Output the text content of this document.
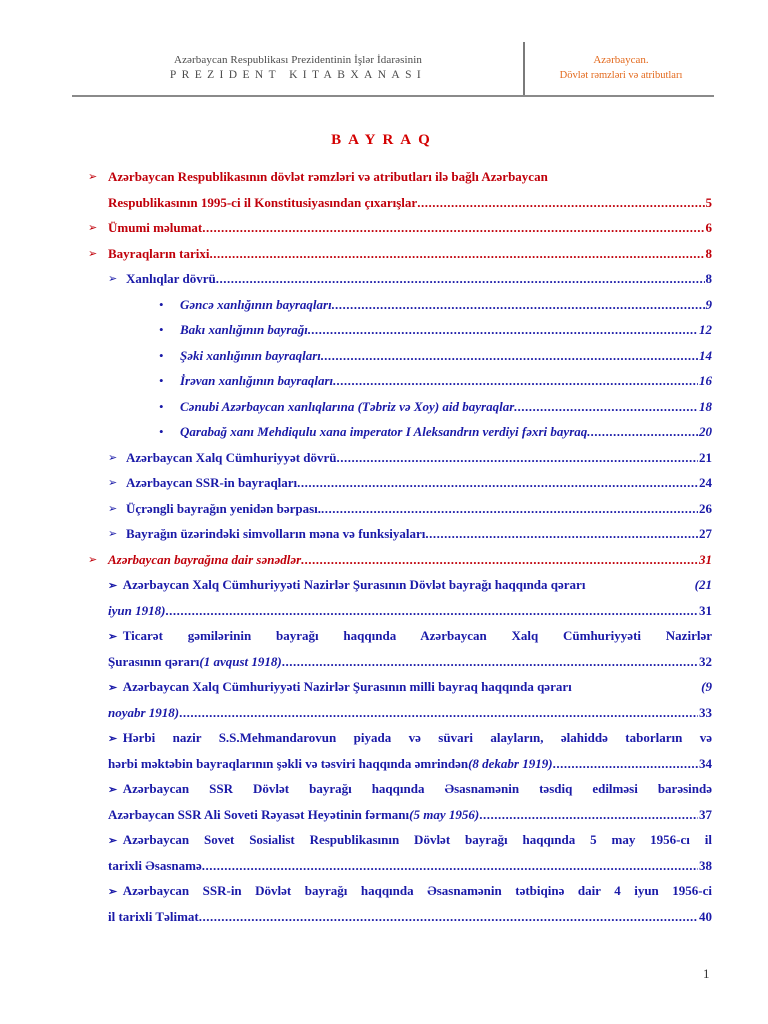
Azərbaycan Respublikası Prezidentinin İşlər İdarəsinin
PREZIDENT KITABXANASI
Azərbaycan.
Dövlət rəmzləri və atributları
BAYRAQ
➢ Azərbaycan Respublikasının dövlət rəmzləri və atributları ilə bağlı Azərbaycan
Respublikasının 1995-ci il Konstitusiyasından çıxarışlar .....	5
➢ Ümumi məlumat .....	6
➢ Bayraqların tarixi .....	8
➢ Xanlıqlar dövrü .....	8
• Gəncə xanlığının bayraqları .....	9
• Bakı xanlığının bayrağı .....	12
• Şəki xanlığının bayraqları .....	14
• İrəvan xanlığının bayraqları .....	16
• Cənubi Azərbaycan xanlıqlarına (Təbriz və Xoy) aid bayraqlar .....	18
• Qarabağ xanı Mehdiqulu xana imperator I Aleksandrın verdiyi fəxri bayraq .....	20
➢ Azərbaycan Xalq Cümhuriyyət dövrü .....	21
➢ Azərbaycan SSR-in bayraqları .....	24
➢ Üçrəngli bayrağın yenidən bərpası. .....	26
➢ Bayrağın üzərindəki simvolların məna və funksiyaları .....	27
➢ Azərbaycan bayrağına dair sənədlər .....	31
➢ Azərbaycan Xalq Cümhuriyyəti Nazirlər Şurasının Dövlət bayrağı haqqında qərarı	(21
iyun 1918) .....	31
➢ Ticarət gəmilərinin bayrağı haqqında Azərbaycan Xalq Cümhuriyyəti Nazirlər
Şurasının qərarı (1 avqust 1918) .....	32
➢ Azərbaycan Xalq Cümhuriyyəti Nazirlər Şurasının milli bayraq haqqında qərarı	(9
noyabr 1918) .....	33
➢ Hərbi nazir S.S.Mehmandarovun piyada və süvari alayların, əlahiddə taborların və
hərbi məktəbin bayraqlarının şəkli və təsviri haqqında əmrindən (8 dekabr 1919) .....	34
➢ Azərbaycan SSR Dövlət bayrağı haqqında Əsasnamənin təsdiq edilməsi barəsində
Azərbaycan SSR Ali Soveti Rəyasət Heyətinin fərmanı (5 may 1956) .....	37
➢ Azərbaycan Sovet Sosialist Respublikasının Dövlət bayrağı haqqında 5 may 1956-cı il
tarixli Əsasnamə .....	38
➢ Azərbaycan SSR-in Dövlət bayrağı haqqında Əsasnamənin tətbiqinə dair 4 iyun 1956-ci
il tarixli Təlimat .....	40
1
